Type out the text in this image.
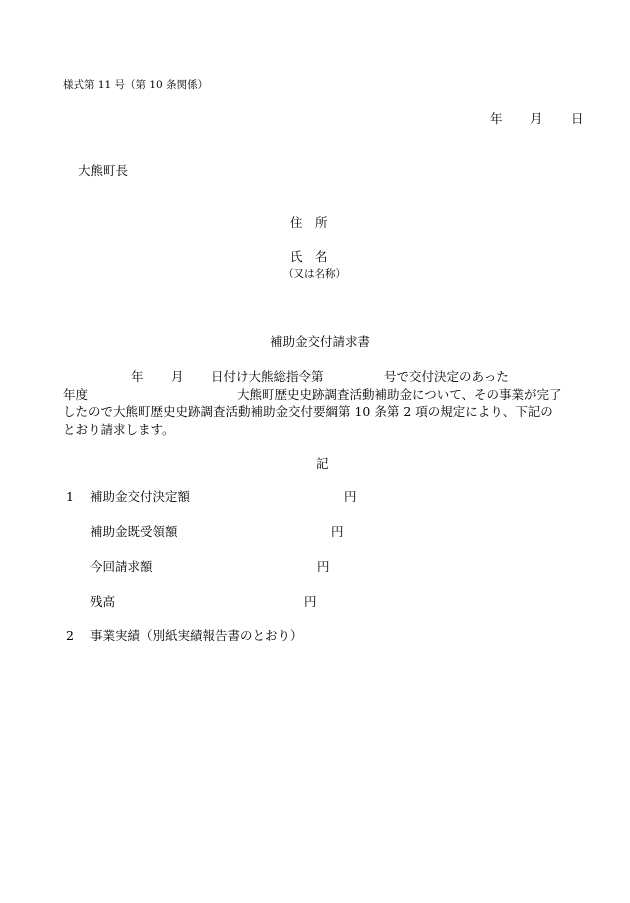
様式第 11 号（第 10 条関係）
年 月 日
大熊町長
住　所
氏　名
（又は名称）
補助金交付請求書
年 月 日付け大熊総指令第	号で交付決定のあった
年度	大熊町歴史史跡調査活動補助金について、その事業が完了
したので大熊町歴史史跡調査活動補助金交付要綱第 10 条第 2 項の規定により、下記の
とおり請求します。
記
1 補助金交付決定額	円
補助金既受領額	円
今回請求額	円
残高	円
2 事業実績（別紙実績報告書のとおり）
